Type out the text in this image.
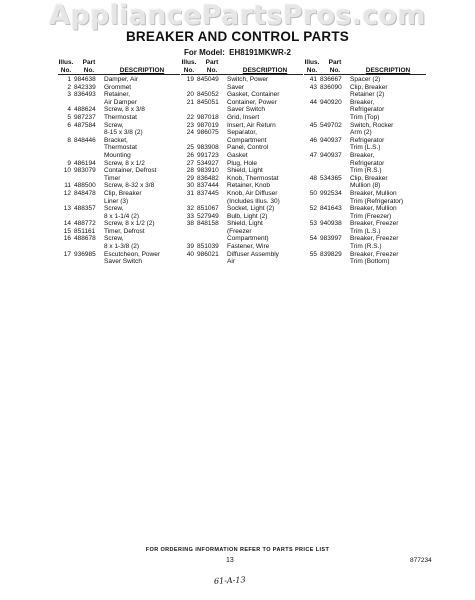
AppliancePartsPros.com
BREAKER AND CONTROL PARTS
For Model: EH8191MKWR-2
Illus.
No.
Part
No.	DESCRIPTION
1 984638	Damper, Air
2 842339	Grommet
3 836493	Retainer,
Air Damper
4 488624	Screw, 8 x 3/8
5 987237	Thermostat
6 487584	Screw,
8-15 x 3/8 (2)
8 848446	Bracket,
Thermostat
Mounting
9 486194	Screw, 8 x 1/2
10 983079	Container, Defrost
Timer
11 488500	Screw, 8-32 x 3/8
12 848478	Clip, Breaker
Liner (3)
13 488357	Screw,
8 x 1-1/4 (2)
14 488772	Screw, 8 x 1/2 (2)
15 851161	Timer, Defrost
16 488678	Screw,
8 x 1-3/8 (2)
17 936985	Escutcheon, Power
Saver Switch
Illus.
No.
Part
No.	DESCRIPTION
19 845049	Switch, Power
Saver
20 845052	Gasket, Container
21 845051	Container, Power
Saver Switch
22 987018	Grid, Insert
23 987019	Insert, Air Return
24 986075	Separator,
Compartment
25 983908	Panel, Control
26 991723	Gasket
27 534927	Plug, Hole
28 983910	Shield, Light
29 836482	Knob, Thermostat
30 837444	Retainer, Knob
31 837445	Knob, Air Diffuser
(Includes Illus. 30)
32 851067	Socket, Light (2)
33 527949	Bulb, Light (2)
38 848158	Shield, Light
(Freezer
Compartment)
39 851039	Fastener, Wire
40 986021	Diffuser Assembly
Air
Illus.
No.
Part
No.	DESCRIPTION
41 836667	Spacer (2)
43 836090	Clip, Breaker
Retainer (2)
44 940920	Breaker,
Refrigerator
Trim (Top)
45 549702	Switch, Rocker
Arm (2)
46 940937	Refrigerator
Trim (L.S.)
47 940937	Breaker,
Refrigerator
Trim (R.S.)
48 534365	Clip, Breaker
Mullion (8)
50 992534	Breaker, Mullion
Trim (Refrigerator)
52 841643	Breaker, Mullion
Trim (Freezer)
53 940938	Breaker, Freezer
Trim (L.S.)
54 983997	Breaker, Freezer
Trim (R.S.)
55 839829	Breaker, Freezer
Trim (Bottom)
FOR ORDERING INFORMATION REFER TO PARTS PRICE LIST
13	877234
61-A-13
